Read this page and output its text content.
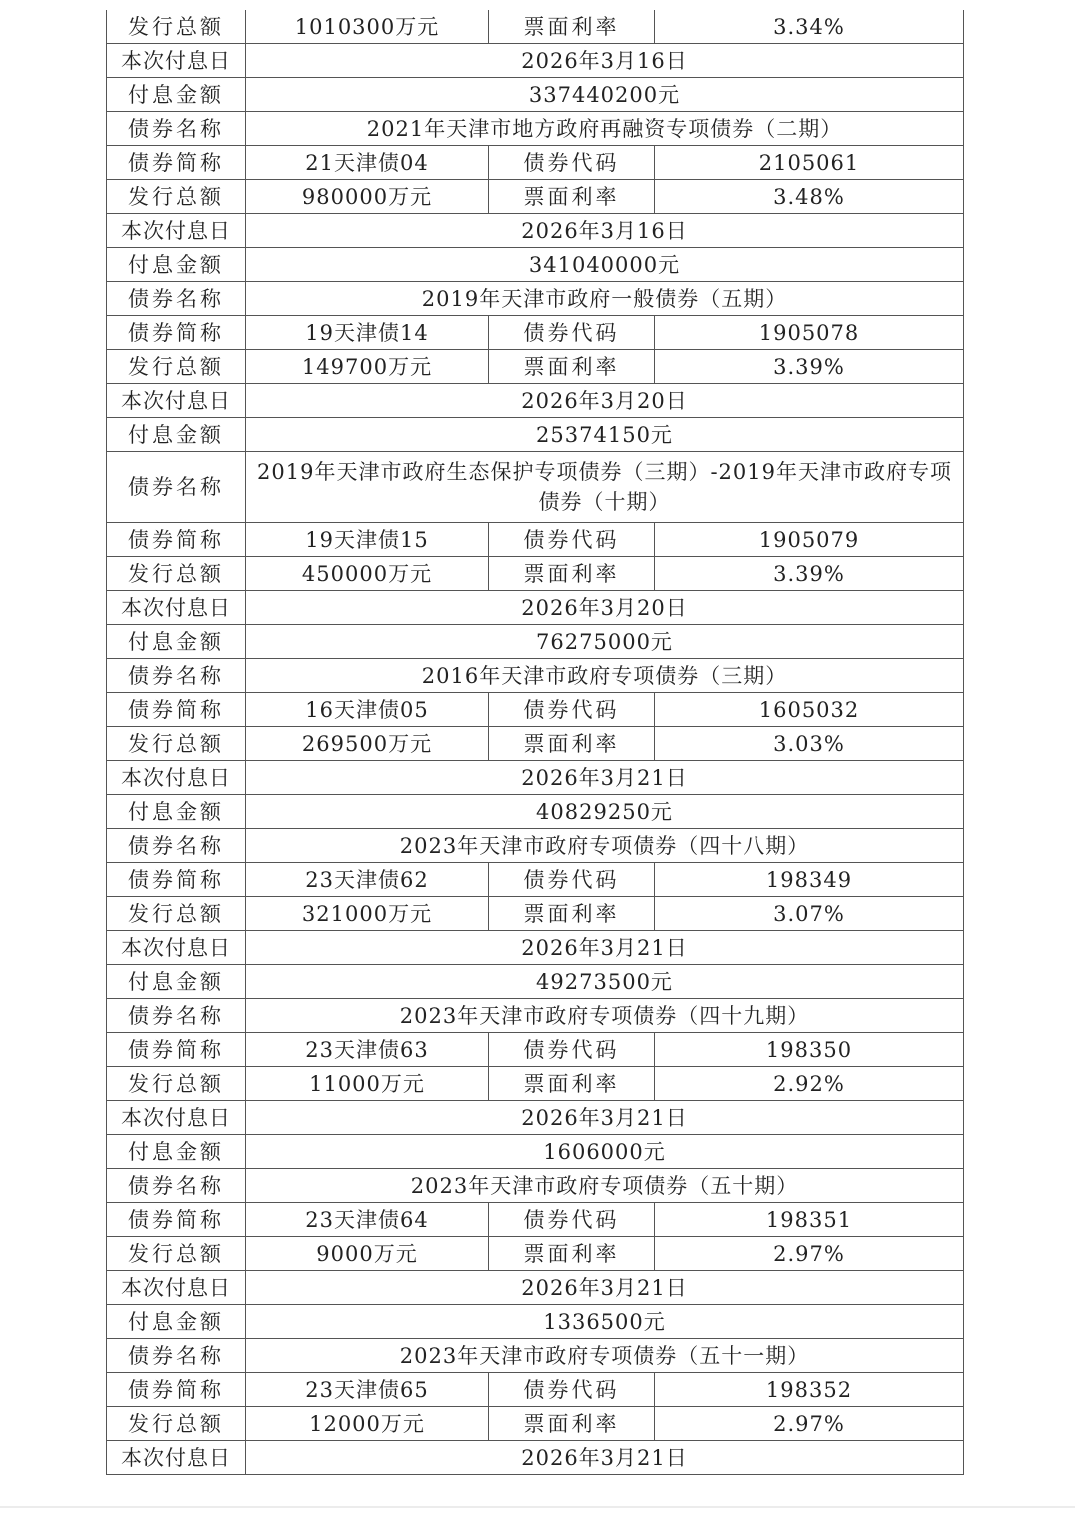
发行总额	1010300万元	票面利率	3.34%
本次付息日	2026年3月16日		
付息金额	337440200元		
债券名称	2021年天津市地方政府再融资专项债券（二期）		
债券简称	21天津债04	债券代码	2105061
发行总额	980000万元	票面利率	3.48%
本次付息日	2026年3月16日		
付息金额	341040000元		
债券名称	2019年天津市政府一般债券（五期）		
债券简称	19天津债14	债券代码	1905078
发行总额	149700万元	票面利率	3.39%
本次付息日	2026年3月20日		
付息金额	25374150元		
债券名称	2019年天津市政府生态保护专项债券（三期）-2019年天津市政府专项债券（十期）		
债券简称	19天津债15	债券代码	1905079
发行总额	450000万元	票面利率	3.39%
本次付息日	2026年3月20日		
付息金额	76275000元		
债券名称	2016年天津市政府专项债券（三期）		
债券简称	16天津债05	债券代码	1605032
发行总额	269500万元	票面利率	3.03%
本次付息日	2026年3月21日		
付息金额	40829250元		
债券名称	2023年天津市政府专项债券（四十八期）		
债券简称	23天津债62	债券代码	198349
发行总额	321000万元	票面利率	3.07%
本次付息日	2026年3月21日		
付息金额	49273500元		
债券名称	2023年天津市政府专项债券（四十九期）		
债券简称	23天津债63	债券代码	198350
发行总额	11000万元	票面利率	2.92%
本次付息日	2026年3月21日		
付息金额	1606000元		
债券名称	2023年天津市政府专项债券（五十期）		
债券简称	23天津债64	债券代码	198351
发行总额	9000万元	票面利率	2.97%
本次付息日	2026年3月21日		
付息金额	1336500元		
债券名称	2023年天津市政府专项债券（五十一期）		
债券简称	23天津债65	债券代码	198352
发行总额	12000万元	票面利率	2.97%
本次付息日	2026年3月21日		
